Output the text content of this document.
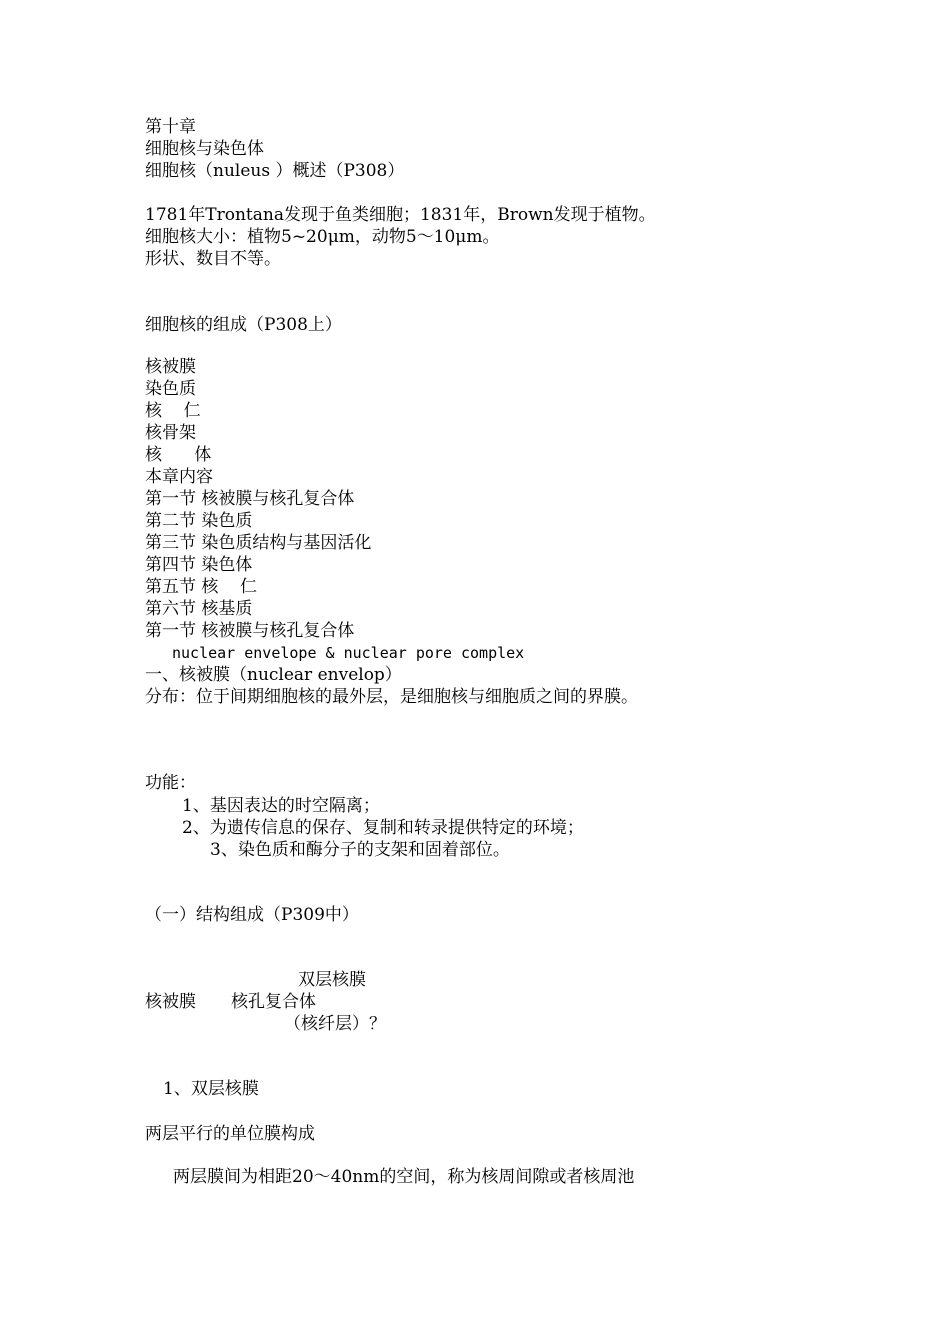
第十章
细胞核与染色体
细胞核（nuleus ）概述（P308）
1781年Trontana发现于鱼类细胞；1831年，Brown发现于植物。
细胞核大小：植物5~20μm，动物5～10μm。
形状、数目不等。
细胞核的组成（P308上）
核被膜
染色质
核    仁
核骨架
核      体
本章内容
第一节 核被膜与核孔复合体
第二节 染色质
第三节 染色质结构与基因活化
第四节 染色体
第五节 核    仁
第六节 核基质
第一节 核被膜与核孔复合体
nuclear envelope & nuclear pore complex
一、核被膜（nuclear envelop）
分布：位于间期细胞核的最外层，是细胞核与细胞质之间的界膜。
功能：
1、基因表达的时空隔离；
2、为遗传信息的保存、复制和转录提供特定的环境；
3、染色质和酶分子的支架和固着部位。
（一）结构组成（P309中）
双层核膜
核被膜 核孔复合体
（核纤层）？
1、双层核膜
两层平行的单位膜构成
两层膜间为相距20～40nm的空间，称为核周间隙或者核周池
